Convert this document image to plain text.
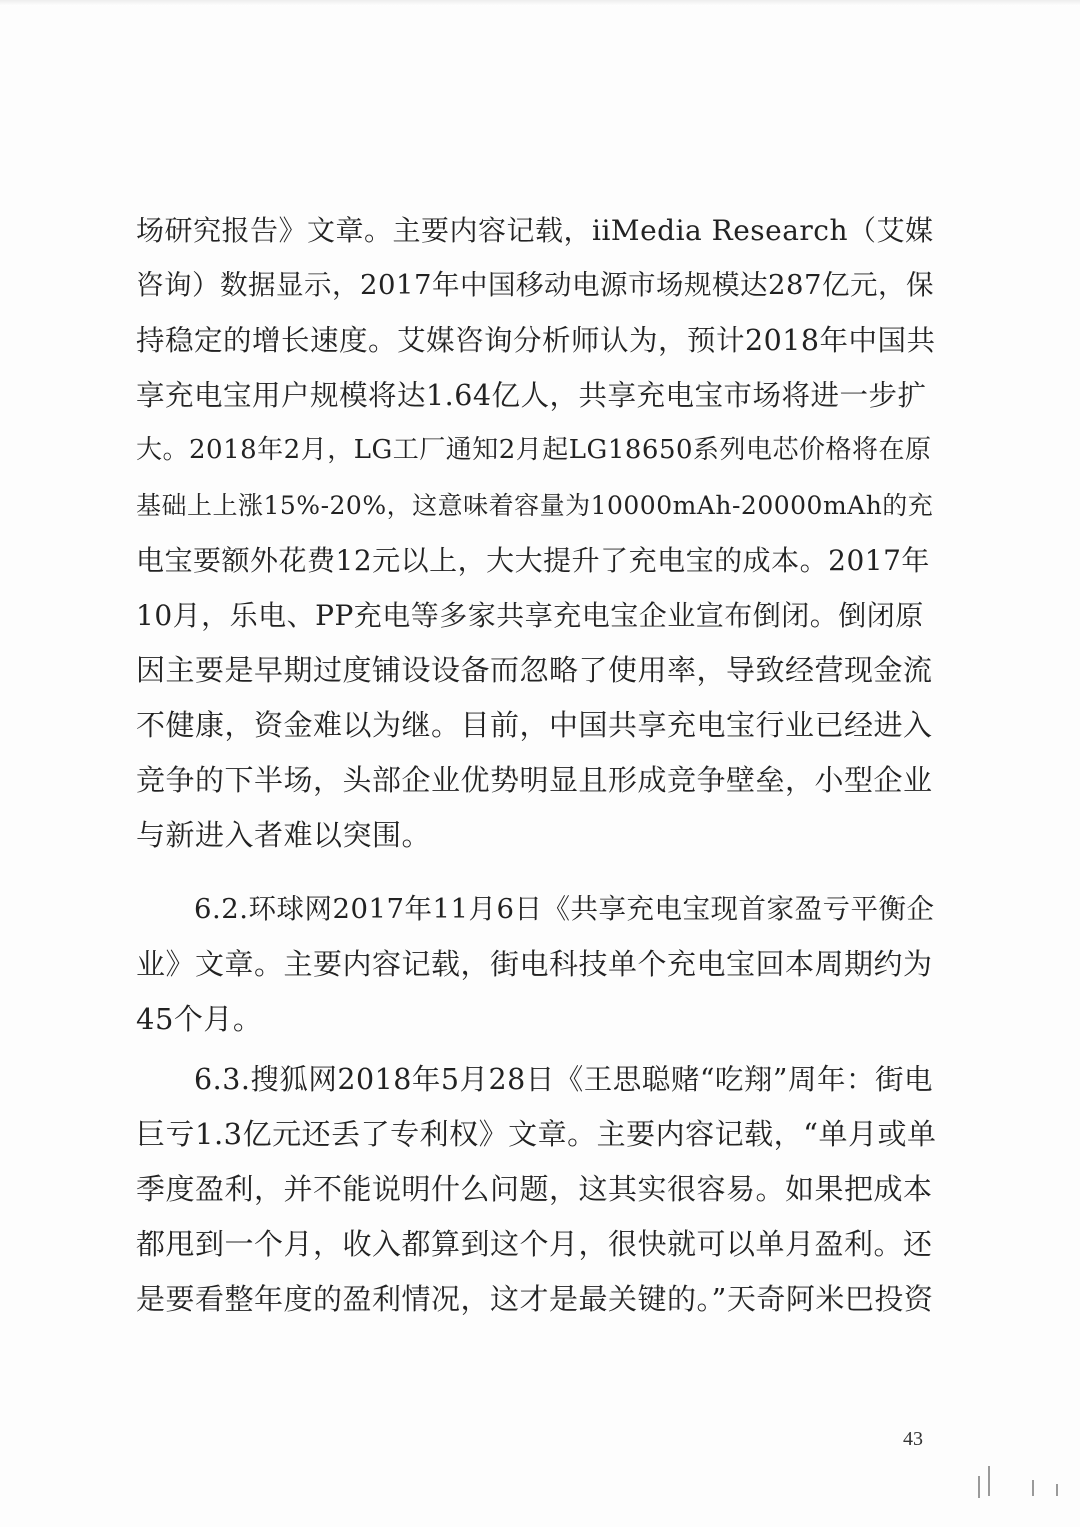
场研究报告》文章。主要内容记载，iiMedia Research（艾媒
咨询）数据显示，2017年中国移动电源市场规模达287亿元，保
持稳定的增长速度。艾媒咨询分析师认为，预计2018年中国共
享充电宝用户规模将达1.64亿人，共享充电宝市场将进一步扩
大。2018年2月，LG工厂通知2月起LG18650系列电芯价格将在原
基础上上涨15%-20%，这意味着容量为10000mAh-20000mAh的充
电宝要额外花费12元以上，大大提升了充电宝的成本。2017年
10月，乐电、PP充电等多家共享充电宝企业宣布倒闭。倒闭原
因主要是早期过度铺设设备而忽略了使用率，导致经营现金流
不健康，资金难以为继。目前，中国共享充电宝行业已经进入
竞争的下半场，头部企业优势明显且形成竞争壁垒，小型企业
与新进入者难以突围。
6.2.环球网2017年11月6日《共享充电宝现首家盈亏平衡企
业》文章。主要内容记载，街电科技单个充电宝回本周期约为
45个月。
6.3.搜狐网2018年5月28日《王思聪赌“吃翔”周年：街电
巨亏1.3亿元还丢了专利权》文章。主要内容记载，“单月或单
季度盈利，并不能说明什么问题，这其实很容易。如果把成本
都甩到一个月，收入都算到这个月，很快就可以单月盈利。还
是要看整年度的盈利情况，这才是最关键的。”天奇阿米巴投资
43
